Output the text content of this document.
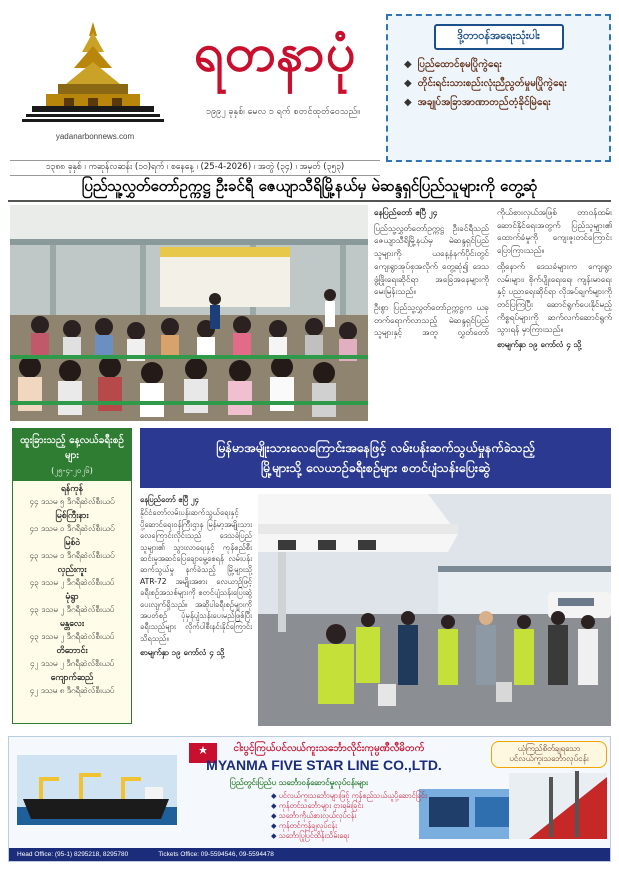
yadanarbonnews.com
ရတနာပုံ
၁၉၉၂ ခုနှစ်၊ မေလ ၁ ရက် စတင်ထုတ်ဝေသည်။
၁၃၈၈ ခုနှစ် ၊ ကဆုန်လဆန်း (၁၀)ရက် ၊ စနေနေ့ ၊ (25-4-2026) ၊ အတွဲ (၃၄) ၊ အမှတ် (၃၅၃)
ဒို့တာဝန်အရေးသုံးပါး
◆ ပြည်ထောင်စုမပြိုကွဲရေး
◆ တိုင်းရင်းသားစည်းလုံးညီညွတ်မှုမပြိုကွဲရေး
◆ အချုပ်အခြာအာဏာတည်တံ့ခိုင်မြဲရေး
ပြည်သူ့လွှတ်တော်ဥက္ကဋ္ဌ ဦးခင်ရီ ဇေယျာသီရိမြို့နယ်မှ မဲဆန္ဒရှင်ပြည်သူများကို တွေ့ဆုံ

နေပြည်တော် ဧပြီ ၂၄

ပြည်သူ့လွှတ်တော်ဥက္ကဋ္ဌ ဦးခင်ရီသည် ဇေယျာသီရိမြို့နယ်မှ မဲဆန္ဒရှင်ပြည်သူများကို ယနေ့နံနက်ပိုင်းတွင် ကျေးရွာအုပ်စုအလိုက် တွေ့ဆုံ၍ ဒေသဖွံ့ဖြိုးရေးဆိုင်ရာ အခြေအနေများကို မေးမြန်းသည်။

ဦးစွာ ပြည်သူ့လွှတ်တော်ဥက္ကဋ္ဌက ယခုတက်ရောက်လာသည့် မဲဆန္ဒရှင်ပြည်သူများနှင့် အတူ လွှတ်တော်ကိုယ်စားလှယ်အဖြစ် တာဝန်ထမ်းဆောင်နိုင်ရေးအတွက် ပြည်သူများ၏ ထောက်ခံမှုကို ကျေးဇူးတင်ကြောင်း ပြောကြားသည်။

ထို့နောက် ဒေသခံများက ကျေးရွာလမ်းများ၊ စိုက်ပျိုးရေးရေ၊ ကျန်းမာရေးနှင့် ပညာရေးဆိုင်ရာ လိုအပ်ချက်များကို တင်ပြကြပြီး ဆောင်ရွက်ပေးနိုင်မည့် ကိစ္စရပ်များကို ဆက်လက်ဆောင်ရွက်သွားရန် မှာကြားသည်။

စာမျက်နှာ ၁၉ ကော်လံ ၄ သို့

ထူးခြားသည့် နေ့လယ်ခရီးစဉ်များ
(၂၅-၄-၂၀၂၆)
ရန်ကုန်
၄၄ ဒသမ ၅ ဒီဂရီဆဲလ်စီးယပ်
မြစ်ကြီးနား
၄၁ ဒသမ ၀ ဒီဂရီဆဲလ်စီးယပ်
မြစ်ဝဲ
၄၃ ဒသမ ၁ ဒီဂရီဆဲလ်စီးယပ်
လှည်းကူး
၄၃ ဒသမ ၂ ဒီဂရီဆဲလ်စီးယပ်
မုံရွာ
၄၃ ဒသမ ၂ ဒီဂရီဆဲလ်စီးယပ်
မန္တလေး
၄၃ ဒသမ ၂ ဒီဂရီဆဲလ်စီးယပ်
တိဘောင်း
၄၂ ဒသမ ၂ ဒီဂရီဆဲလ်စီးယပ်
ကျောက်ဆည်
၄၂ ဒသမ ၈ ဒီဂရီဆဲလ်စီးယပ်
မြန်မာအမျိုးသားလေကြောင်းအနေဖြင့် လမ်းပန်းဆက်သွယ်မှုနက်ခဲသည့်
မြို့များသို့ လေယာဉ်ခရီးစဉ်များ စတင်ပျံသန်းပြေးဆွဲ

နေပြည်တော် ဧပြီ ၂၄

နိုင်ငံတော်လမ်းပန်းဆက်သွယ်ရေးနှင့် ပို့ဆောင်ရေးဝန်ကြီးဌာန မြန်မာ့အမျိုးသားလေကြောင်းလိုင်းသည် ဒေသခံပြည်သူများ၏ သွားလာရေးနှင့် ကုန်စည်စီးဆင်းမှုအဆင်ပြေချောမွေ့စေရန် လမ်းပန်းဆက်သွယ်မှု နက်ခဲသည့် မြို့များသို့ ATR-72 အမျိုးအစား လေယာဉ်ဖြင့် ခရီးစဉ်အသစ်များကို စတင်ပျံသန်းပြေးဆွဲပေးလျက်ရှိသည်။ အဆိုပါခရီးစဉ်များကို အပတ်စဉ် ပုံမှန်ပျံသန်းပေးမည်ဖြစ်ပြီး ခရီးသည်များ လိုက်ပါစီးနင်းနိုင်ကြောင်း သိရသည်။

စာမျက်နှာ ၁၉ ကော်လံ ၄ သို့

ငါးပွင့်ကြယ်ပင်လယ်ကူးသင်္ဘောလိုင်းကုမ္ပဏီလီမိတက်
MYANMA FIVE STAR LINE CO.,LTD.
ပြည်တွင်းပြည်ပ သင်္ဘောဝန်ဆောင်မှုလုပ်ငန်းများ
◆ ပင်လယ်ကူးသင်္ဘောများဖြင့် ကုန်စည်သယ်ယူပို့ဆောင်ခြင်း
◆ ကုန်တင်သင်္ဘောများ ငှားရမ်းခြင်း
◆ သင်္ဘောကိုယ်စားလှယ်လုပ်ငန်း
◆ ကုန်တင်ကုန်ချလုပ်ငန်း
◆ သင်္ဘောပြုပြင်ထိန်းသိမ်းရေး
ယုံကြည်စိတ်ချရသော ပင်လယ်ကူးသင်္ဘောလုပ်ငန်း
Head Office: (95-1) 8295218, 8295780	Tickets Office: 09-5594546, 09-5594478
